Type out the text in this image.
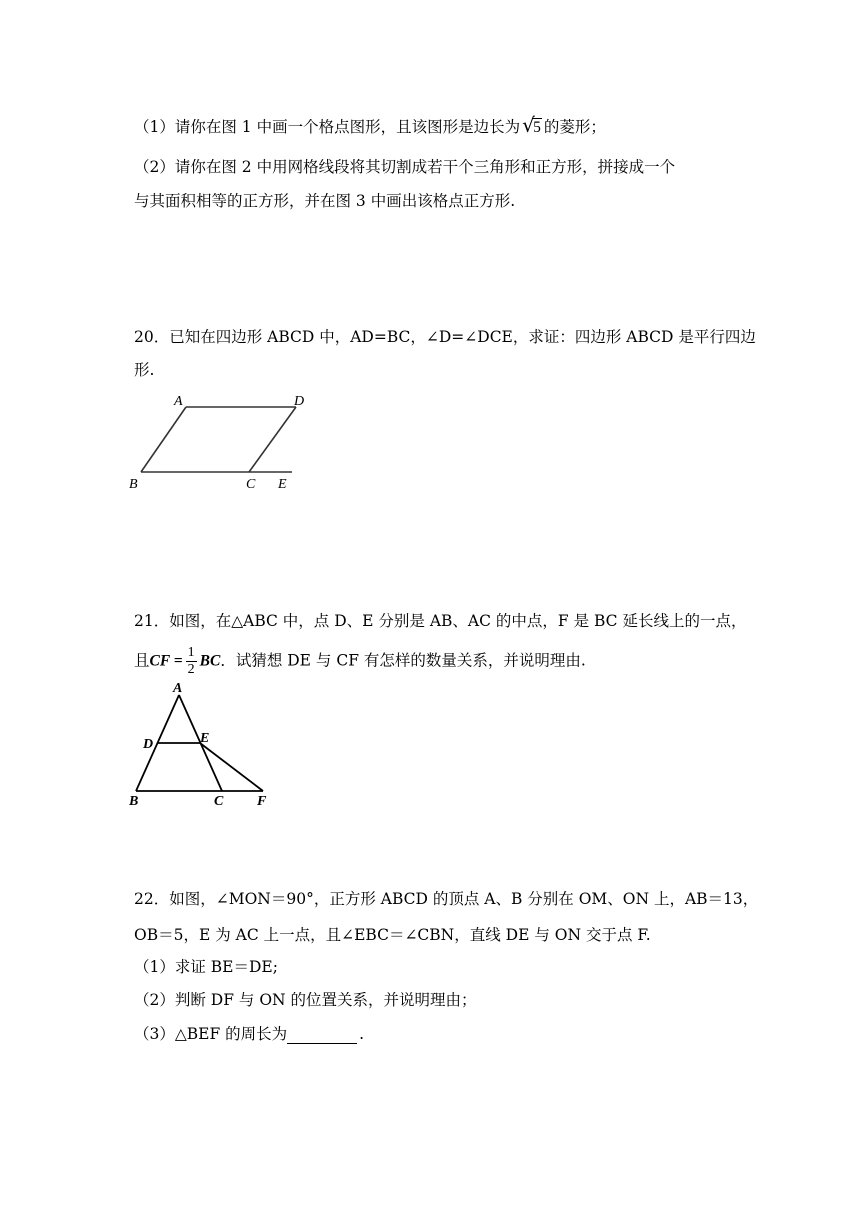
（1）请你在图 1 中画一个格点图形，且该图形是边长为 √
5 的菱形；
（2）请你在图 2 中用网格线段将其切割成若干个三角形和正方形，拼接成一个
与其面积相等的正方形，并在图 3 中画出该格点正方形.
20．已知在四边形 ABCD 中，AD=BC，∠D=∠DCE，求证：四边形 ABCD 是平行四边
形.
A	D
B	C E
21．如图，在△ABC 中，点 D、E 分别是 AB、AC 的中点，F 是 BC 延长线上的一点，
且CF = $\frac{1}{2}$ BC．试猜想 DE 与 CF 有怎样的数量关系，并说明理由.
A
D	E
B	C F
22．如图，∠MON＝90°，正方形 ABCD 的顶点 A、B 分别在 OM、ON 上，AB＝13，
OB＝5，E 为 AC 上一点，且∠EBC＝∠CBN，直线 DE 与 ON 交于点 F.
（1）求证 BE＝DE;
（2）判断 DF 与 ON 的位置关系，并说明理由；
（3）△BEF 的周长为	.
